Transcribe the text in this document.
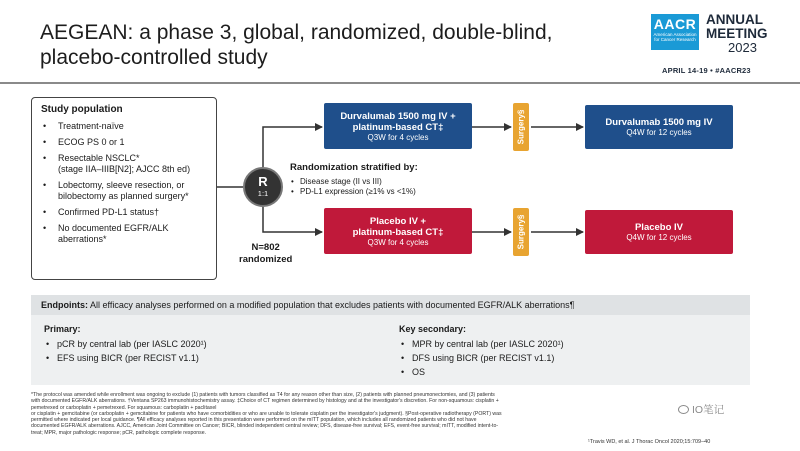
AEGEAN: a phase 3, global, randomized, double-blind,
placebo-controlled study
AACR
American Association for Cancer Research
ANNUAL
MEETING
2023
APRIL 14-19 • #AACR23
Study population
• Treatment-naïve
• ECOG PS 0 or 1
• Resectable NSCLC*
(stage IIA–IIIB[N2]; AJCC 8th ed)
• Lobectomy, sleeve resection, or
bilobectomy as planned surgery*
• Confirmed PD-L1 status†
• No documented EGFR/ALK
aberrations*
R
1:1
N=802
randomized
Randomization stratified by:
• Disease stage (II vs III)
• PD-L1 expression (≥1% vs <1%)
Durvalumab 1500 mg IV +
platinum-based CT‡
Q3W for 4 cycles	Surgery§	Durvalumab 1500 mg IV
Q4W for 12 cycles
Placebo IV +
platinum-based CT‡
Q3W for 4 cycles	Surgery§	Placebo IV
Q4W for 12 cycles
Endpoints: All efficacy analyses performed on a modified population that excludes patients with documented EGFR/ALK aberrations¶
Primary:
• pCR by central lab (per IASLC 2020¹)
• EFS using BICR (per RECIST v1.1)
Key secondary:
• MPR by central lab (per IASLC 2020¹)
• DFS using BICR (per RECIST v1.1)
• OS
*The protocol was amended while enrollment was ongoing to exclude (1) patients with tumors classified as T4 for any reason other than size, (2) patients with planned pneumonectomies, and (3) patients
with documented EGFR/ALK aberrations. †Ventana SP263 immunohistochemistry assay. ‡Choice of CT regimen determined by histology and at the investigator's discretion. For non-squamous: cisplatin +
pemetrexed or carboplatin + pemetrexed. For squamous: carboplatin + paclitaxel
or cisplatin + gemcitabine (or carboplatin + gemcitabine for patients who have comorbidities or who are unable to tolerate cisplatin per the investigator's judgment). §Post-operative radiotherapy (PORT) was
permitted where indicated per local guidance. ¶All efficacy analyses reported in this presentation were performed on the mITT population, which includes all randomized patients who did not have
documented EGFR/ALK aberrations. AJCC, American Joint Committee on Cancer; BICR, blinded independent central review; DFS, disease-free survival; EFS, event-free survival; mITT, modified intent-to-
treat; MPR, major pathologic response; pCR, pathologic complete response.
¹Travis WD, et al. J Thorac Oncol 2020;15:709–40
IO笔记
